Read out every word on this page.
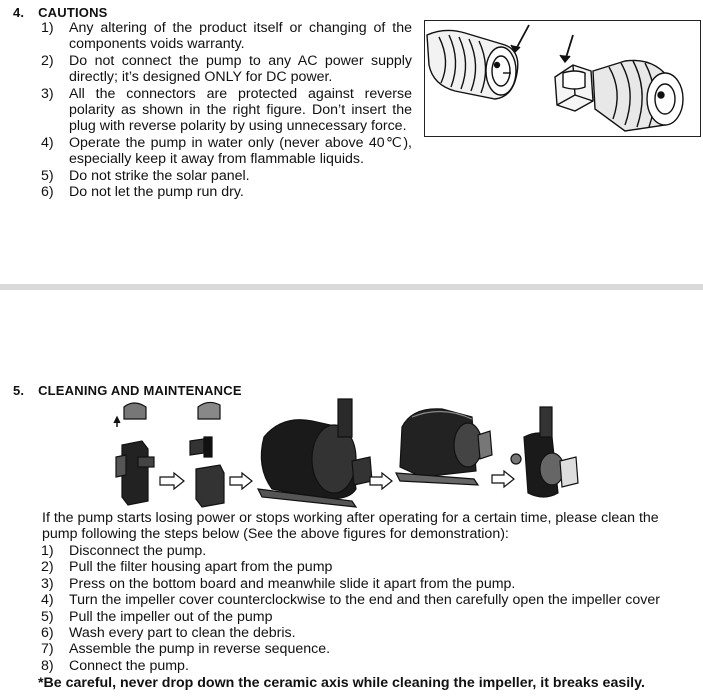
4. CAUTIONS
1) Any altering of the product itself or changing of the components voids warranty.
2) Do not connect the pump to any AC power supply directly; it’s designed ONLY for DC power.
3) All the connectors are protected against reverse polarity as shown in the right figure. Don’t insert the plug with reverse polarity by using unnecessary force.
4) Operate the pump in water only (never above 40℃), especially keep it away from flammable liquids.
5) Do not strike the solar panel.
6) Do not let the pump run dry.
5. CLEANING AND MAINTENANCE
If the pump starts losing power or stops working after operating for a certain time, please clean the pump following the steps below (See the above figures for demonstration):
1) Disconnect the pump.
2) Pull the filter housing apart from the pump
3) Press on the bottom board and meanwhile slide it apart from the pump.
4) Turn the impeller cover counterclockwise to the end and then carefully open the impeller cover
5) Pull the impeller out of the pump
6) Wash every part to clean the debris.
7) Assemble the pump in reverse sequence.
8) Connect the pump.
*Be careful, never drop down the ceramic axis while cleaning the impeller, it breaks easily.
